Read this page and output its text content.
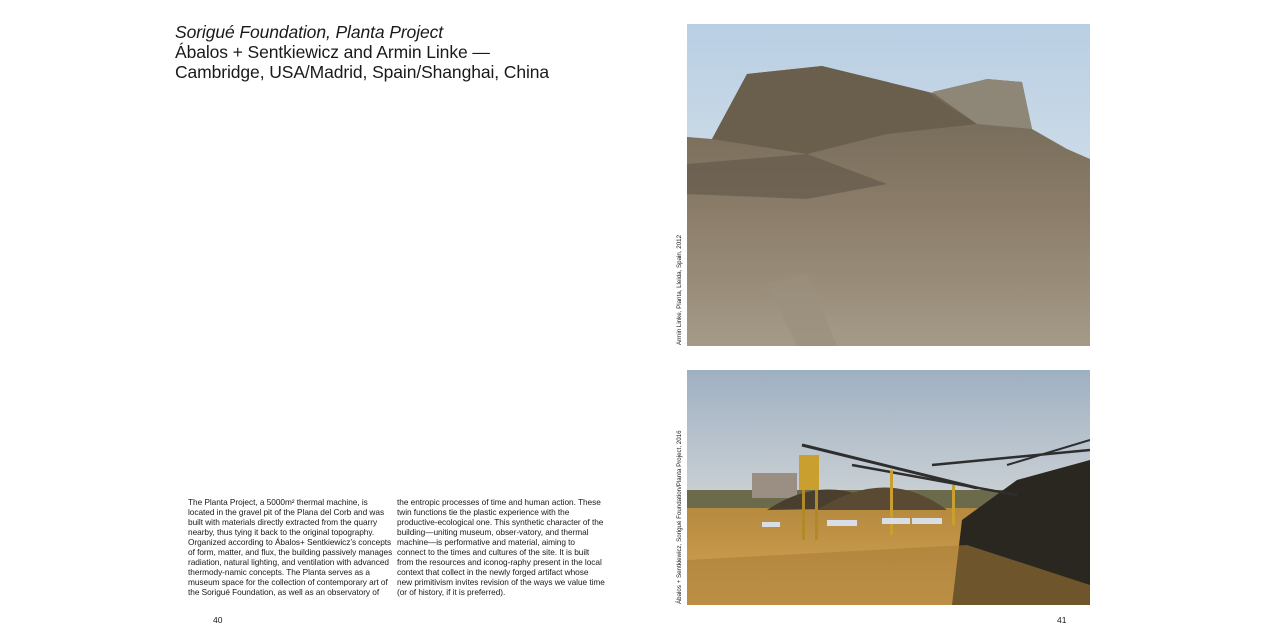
Sorigué Foundation, Planta Project
Ábalos + Sentkiewicz and Armin Linke —
Cambridge, USA/Madrid, Spain/Shanghai, China

The Planta Project, a 5000m² thermal machine, is located in the gravel pit of the Plana del Corb and was built with materials directly extracted from the quarry nearby, thus tying it back to the original topography. Organized according to Ábalos+ Sentkiewicz’s concepts of form, matter, and flux, the building passively manages radiation, natural lighting, and ventilation with advanced thermody-namic concepts. The Planta serves as a museum space for the collection of contemporary art of the Sorigué Foundation, as well as an observatory of

the entropic processes of time and human action. These twin functions tie the plastic experience with the productive-ecological one. This synthetic character of the building—uniting museum, obser-vatory, and thermal machine—is performative and material, aiming to connect to the times and cultures of the site. It is built from the resources and iconog-raphy present in the local context that collect in the newly forged artifact whose new primitivism invites revision of the ways we value time (or of history, if it is preferred).

40
Armin Linke, Planta, Lleida, Spain, 2012
Ábalos + Sentkiewicz, Sorigué Foundation/Planta Project, 2016
41
